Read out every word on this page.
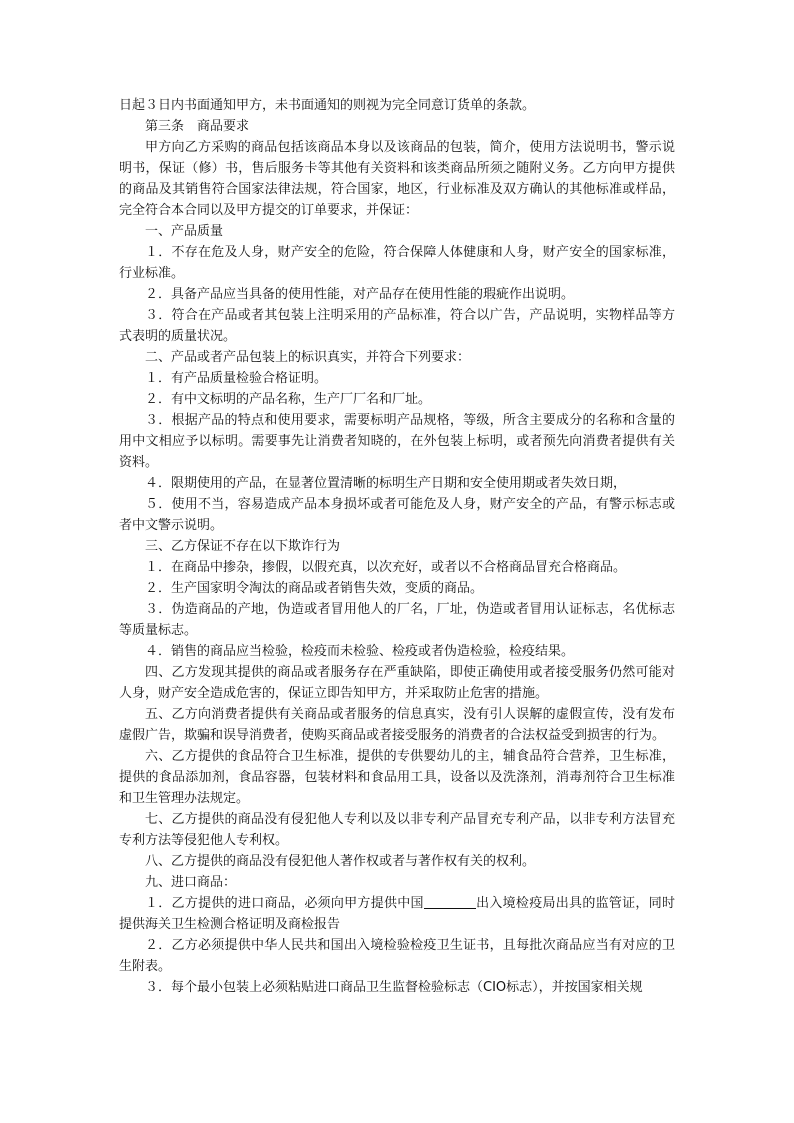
日起３日内书面通知甲方，未书面通知的则视为完全同意订货单的条款。

第三条　商品要求

甲方向乙方采购的商品包括该商品本身以及该商品的包装，简介，使用方法说明书，警示说明书，保证（修）书，售后服务卡等其他有关资料和该类商品所须之随附义务。乙方向甲方提供的商品及其销售符合国家法律法规，符合国家，地区，行业标准及双方确认的其他标准或样品，完全符合本合同以及甲方提交的订单要求，并保证：

一、产品质量

１．不存在危及人身，财产安全的危险，符合保障人体健康和人身，财产安全的国家标准，行业标准。

２．具备产品应当具备的使用性能，对产品存在使用性能的瑕疵作出说明。

３．符合在产品或者其包装上注明采用的产品标准，符合以广告，产品说明，实物样品等方式表明的质量状况。

二、产品或者产品包装上的标识真实，并符合下列要求：

１．有产品质量检验合格证明。

２．有中文标明的产品名称，生产厂厂名和厂址。

３．根据产品的特点和使用要求，需要标明产品规格，等级，所含主要成分的名称和含量的用中文相应予以标明。需要事先让消费者知晓的，在外包装上标明，或者预先向消费者提供有关资料。

４．限期使用的产品，在显著位置清晰的标明生产日期和安全使用期或者失效日期，

５．使用不当，容易造成产品本身损坏或者可能危及人身，财产安全的产品，有警示标志或者中文警示说明。

三、乙方保证不存在以下欺诈行为

１．在商品中掺杂，掺假，以假充真，以次充好，或者以不合格商品冒充合格商品。

２．生产国家明令淘汰的商品或者销售失效，变质的商品。

３．伪造商品的产地，伪造或者冒用他人的厂名，厂址，伪造或者冒用认证标志，名优标志等质量标志。

４．销售的商品应当检验，检疫而未检验、检疫或者伪造检验，检疫结果。

四、乙方发现其提供的商品或者服务存在严重缺陷，即使正确使用或者接受服务仍然可能对人身，财产安全造成危害的，保证立即告知甲方，并采取防止危害的措施。

五、乙方向消费者提供有关商品或者服务的信息真实，没有引人误解的虚假宣传，没有发布虚假广告，欺骗和误导消费者，使购买商品或者接受服务的消费者的合法权益受到损害的行为。

六、乙方提供的食品符合卫生标准，提供的专供婴幼儿的主，辅食品符合营养，卫生标准，提供的食品添加剂，食品容器，包装材料和食品用工具，设备以及洗涤剂，消毒剂符合卫生标准和卫生管理办法规定。

七、乙方提供的商品没有侵犯他人专利以及以非专利产品冒充专利产品，以非专利方法冒充专利方法等侵犯他人专利权。

八、乙方提供的商品没有侵犯他人著作权或者与著作权有关的权利。

九、进口商品：

１．乙方提供的进口商品，必须向甲方提供中国	出入境检疫局出具的监管证，同时提供海关卫生检测合格证明及商检报告

２．乙方必须提供中华人民共和国出入境检验检疫卫生证书，且每批次商品应当有对应的卫生附表。

３．每个最小包装上必须粘贴进口商品卫生监督检验标志（CIO标志），并按国家相关规
